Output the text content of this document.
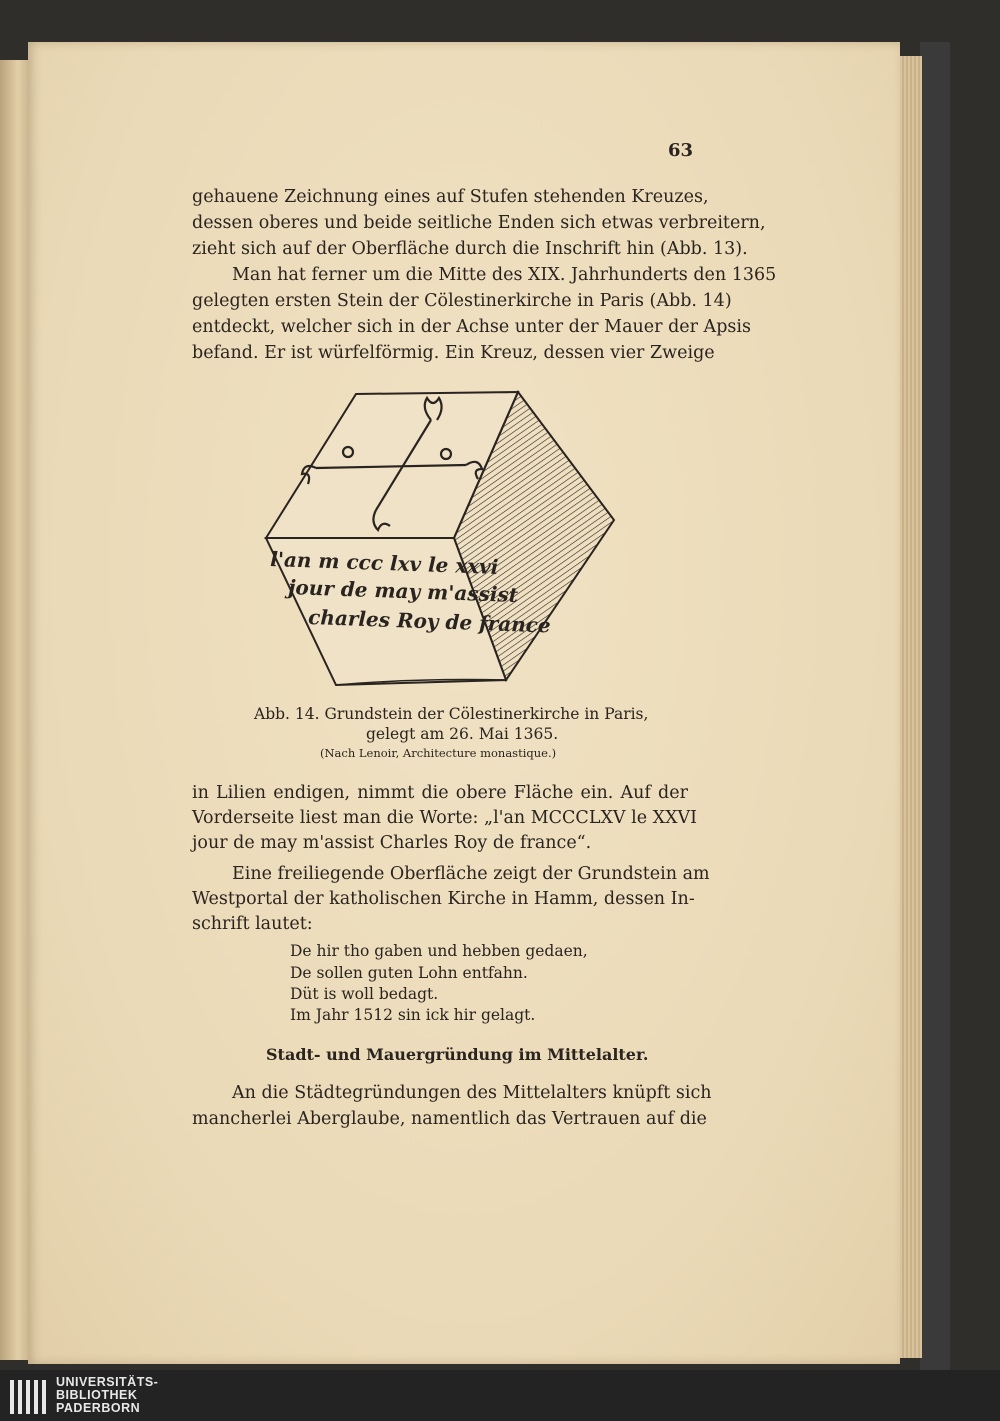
63
gehauene Zeichnung eines auf Stufen stehenden Kreuzes,
dessen oberes und beide seitliche Enden sich etwas verbreitern,
zieht sich auf der Oberfläche durch die Inschrift hin (Abb. 13).
Man hat ferner um die Mitte des XIX. Jahrhunderts den 1365
gelegten ersten Stein der Cölestinerkirche in Paris (Abb. 14)
entdeckt, welcher sich in der Achse unter der Mauer der Apsis
befand. Er ist würfelförmig. Ein Kreuz, dessen vier Zweige
l'an m ccc lxv le xxvi
jour de may m'assist
charles Roy de france
Abb. 14. Grundstein der Cölestinerkirche in Paris,
gelegt am 26. Mai 1365.
(Nach Lenoir, Architecture monastique.)
in Lilien endigen, nimmt die obere Fläche ein. Auf der
Vorderseite liest man die Worte: „l'an MCCCLXV le XXVI
jour de may m'assist Charles Roy de france“.
Eine freiliegende Oberfläche zeigt der Grundstein am
Westportal der katholischen Kirche in Hamm, dessen In-
schrift lautet:
De hir tho gaben und hebben gedaen,
De sollen guten Lohn entfahn.
Düt is woll bedagt.
Im Jahr 1512 sin ick hir gelagt.
Stadt- und Mauergründung im Mittelalter.
An die Städtegründungen des Mittelalters knüpft sich
mancherlei Aberglaube, namentlich das Vertrauen auf die
UNIVERSITÄTS-
BIBLIOTHEK
PADERBORN
